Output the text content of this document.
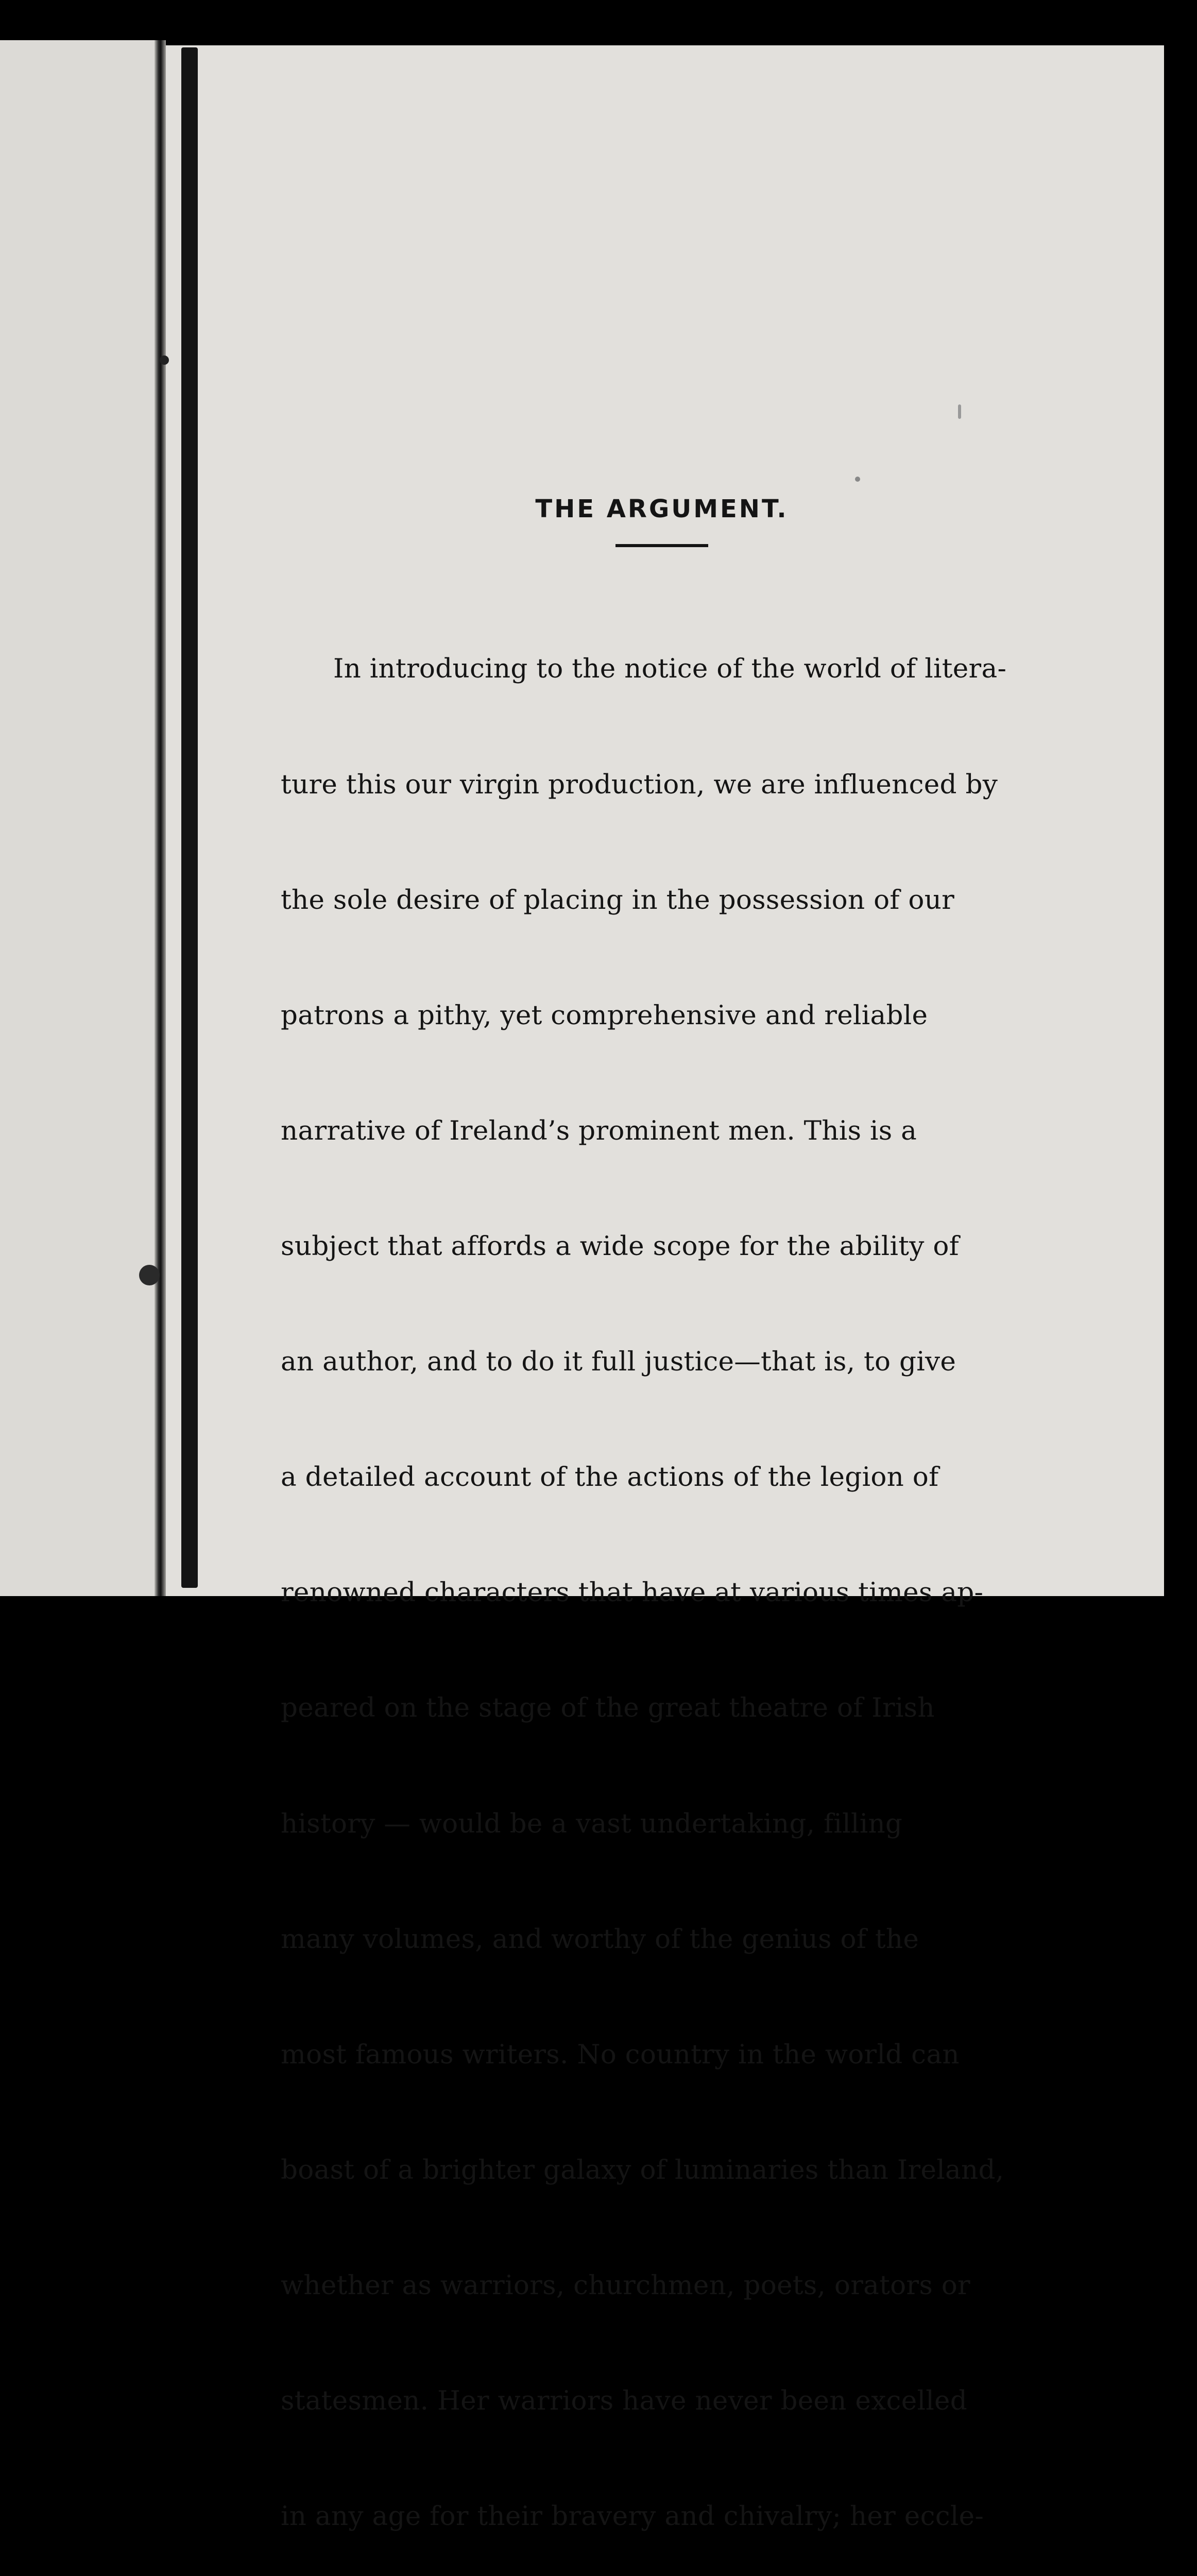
THE ARGUMENT.

In introducing to the notice of the world of litera-

ture this our virgin production, we are influenced by

the sole desire of placing in the possession of our

patrons a pithy, yet comprehensive and reliable

narrative of Ireland’s prominent men. This is a

subject that affords a wide scope for the ability of

an author, and to do it full justice—that is, to give

a detailed account of the actions of the legion of

renowned characters that have at various times ap-

peared on the stage of the great theatre of Irish

history — would be a vast undertaking, filling

many volumes, and worthy of the genius of the

most famous writers. No country in the world can

boast of a brighter galaxy of luminaries than Ireland,

whether as warriors, churchmen, poets, orators or

statesmen. Her warriors have never been excelled

in any age for their bravery and chivalry; her eccle-
